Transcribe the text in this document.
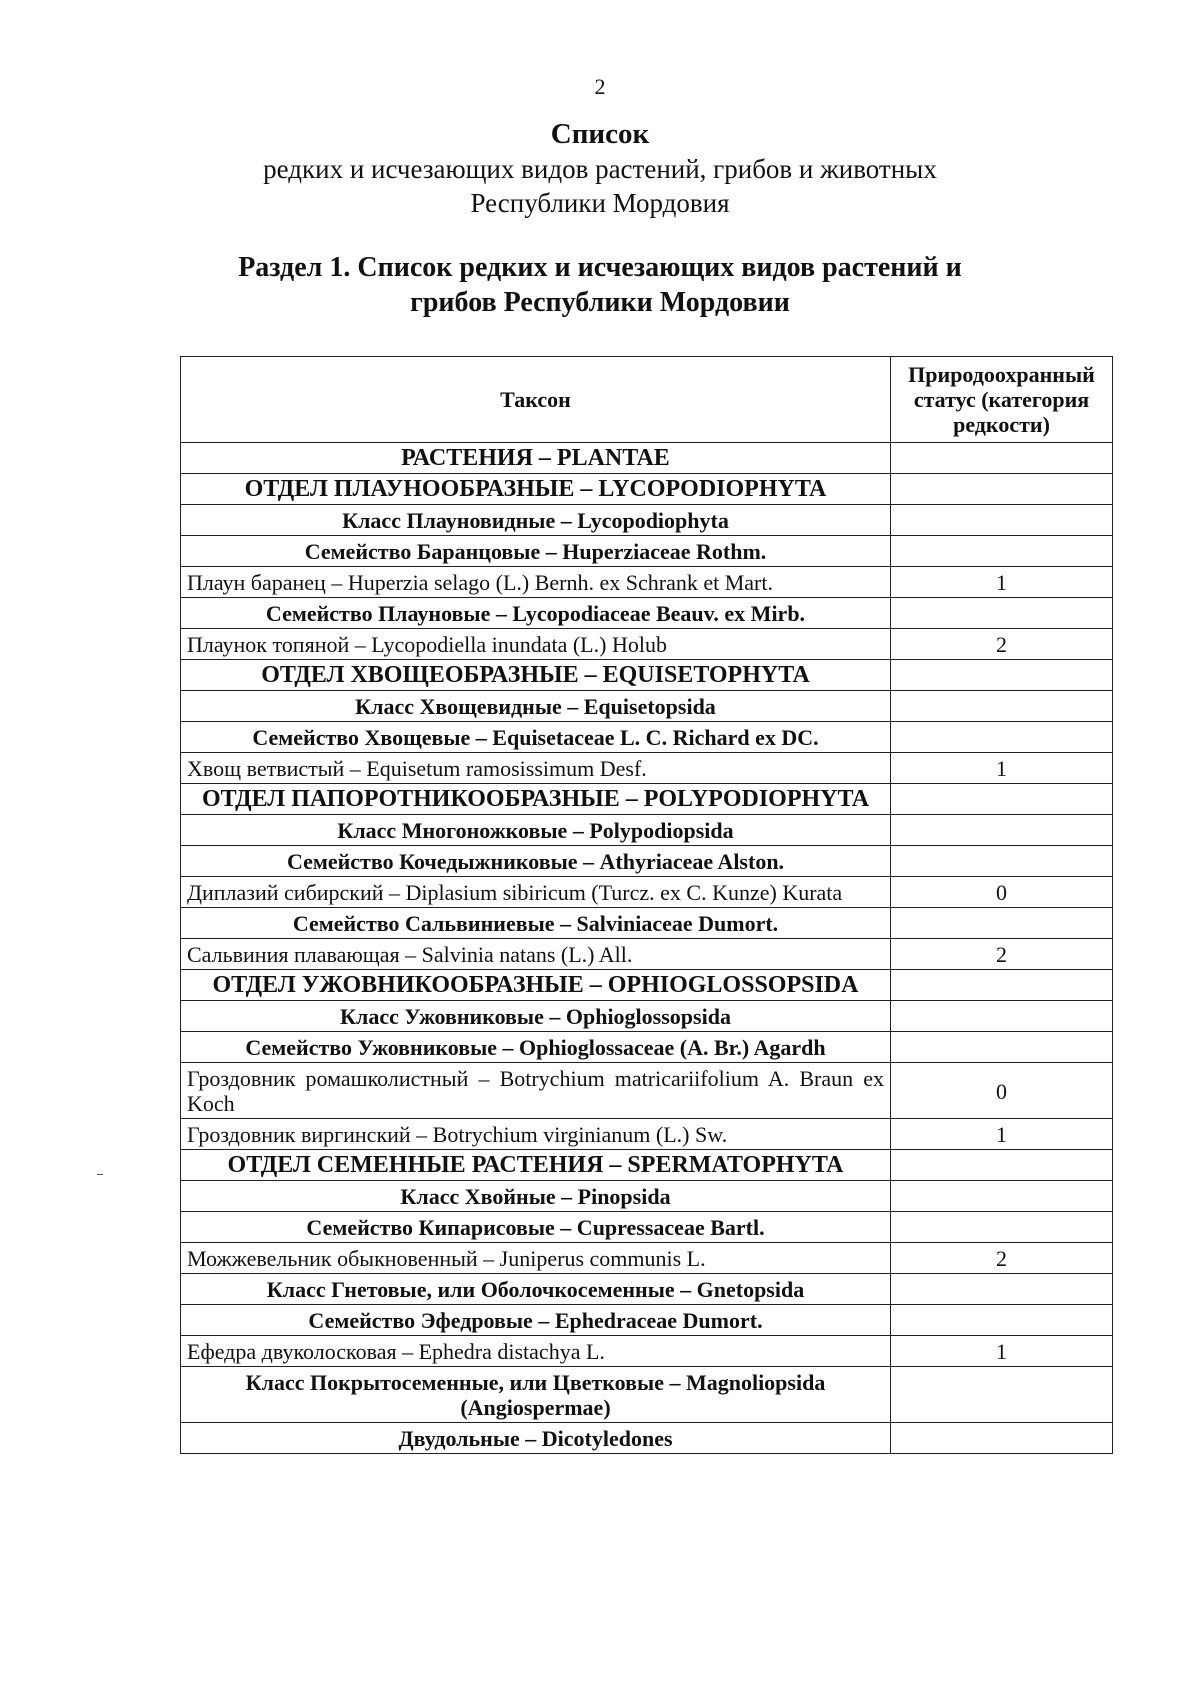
2
Список
редких и исчезающих видов растений, грибов и животных Республики Мордовия
Раздел 1. Список редких и исчезающих видов растений и грибов Республики Мордовии
Таксон	Природоохранный статус (категория редкости)
РАСТЕНИЯ – PLANTAE	
ОТДЕЛ ПЛАУНООБРАЗНЫЕ – LYCOPODIOPHYTA	
Класс Плауновидные – Lycopodiophyta	
Семейство Баранцовые – Huperziaceae Rothm.	
Плаун баранец – Huperzia selago (L.) Bernh. ex Schrank et Mart.	1
Семейство Плауновые – Lycopodiaceae Beauv. ex Mirb.	
Плаунок топяной – Lycopodiella inundata (L.) Holub	2
ОТДЕЛ ХВОЩЕОБРАЗНЫЕ – EQUISETOPHYTA	
Класс Хвощевидные – Equisetopsida	
Семейство Хвощевые – Equisetaceae L. C. Richard ex DC.	
Хвощ ветвистый – Equisetum ramosissimum Desf.	1
ОТДЕЛ ПАПОРОТНИКООБРАЗНЫЕ – POLYPODIOPHYTA	
Класс Многоножковые – Polypodiopsida	
Семейство Кочедыжниковые – Athyriaceae Alston.	
Диплазий сибирский – Diplasium sibiricum (Turcz. ex C. Kunze) Kurata	0
Семейство Сальвиниевые – Salviniaceae Dumort.	
Сальвиния плавающая – Salvinia natans (L.) All.	2
ОТДЕЛ УЖОВНИКООБРАЗНЫЕ – OPHIOGLOSSOPSIDA	
Класс Ужовниковые – Ophioglossopsida	
Семейство Ужовниковые – Ophioglossaceae (A. Br.) Agardh	
Гроздовник ромашколистный – Botrychium matricariifolium A. Braun ex Koch	0
Гроздовник виргинский – Botrychium virginianum (L.) Sw.	1
ОТДЕЛ СЕМЕННЫЕ РАСТЕНИЯ – SPERMATOPHYTA	
Класс Хвойные – Pinopsida	
Семейство Кипарисовые – Cupressaceae Bartl.	
Можжевельник обыкновенный – Juniperus communis L.	2
Класс Гнетовые, или Оболочкосеменные – Gnetopsida	
Семейство Эфедровые – Ephedraceae Dumort.	
Ефедра двуколосковая – Ephedra distachya L.	1
Класс Покрытосеменные, или Цветковые – Magnoliopsida (Angiospermae)	
Двудольные – Dicotyledones	
